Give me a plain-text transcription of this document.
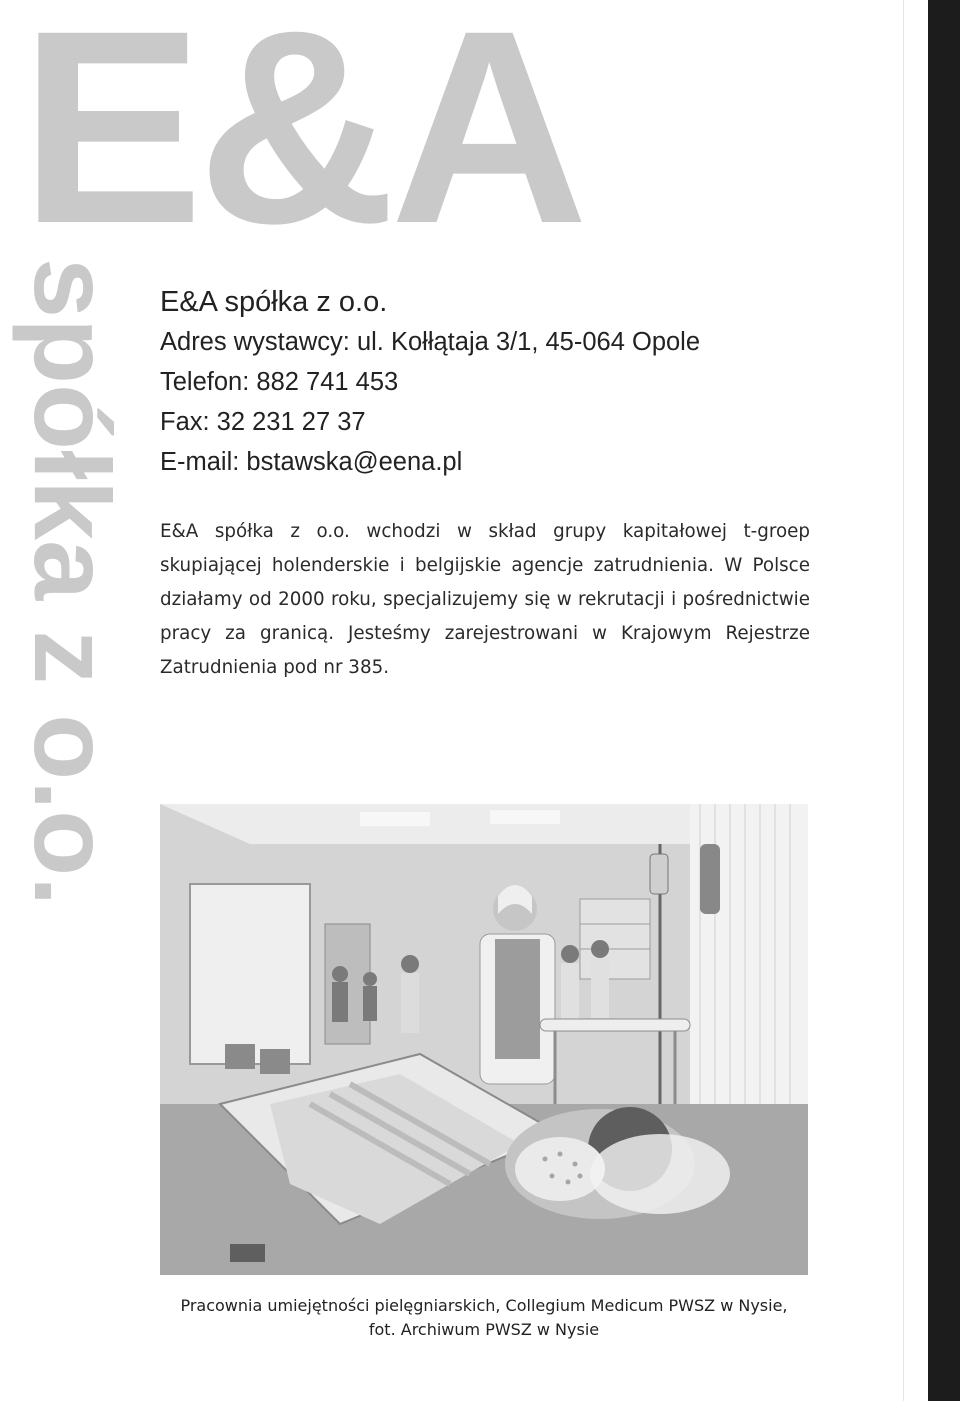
E&A
spółka z o.o. E&A spółka z o.o.
Adres wystawcy: ul. Kołłątaja 3/1, 45-064 Opole
Telefon: 882 741 453
Fax: 32 231 27 37
E-mail: bstawska@eena.pl

E&A spółka z o.o. wchodzi w skład grupy kapitałowej t-groep skupiającej holenderskie i belgijskie agencje zatrudnienia. W Polsce działamy od 2000 roku, specjalizujemy się w rekrutacji i pośrednictwie pracy za granicą. Jesteśmy zarejestrowani w Krajowym Rejestrze Zatrudnienia pod nr 385.

Pracownia umiejętności pielęgniarskich, Collegium Medicum PWSZ w Nysie,
fot. Archiwum PWSZ w Nysie
